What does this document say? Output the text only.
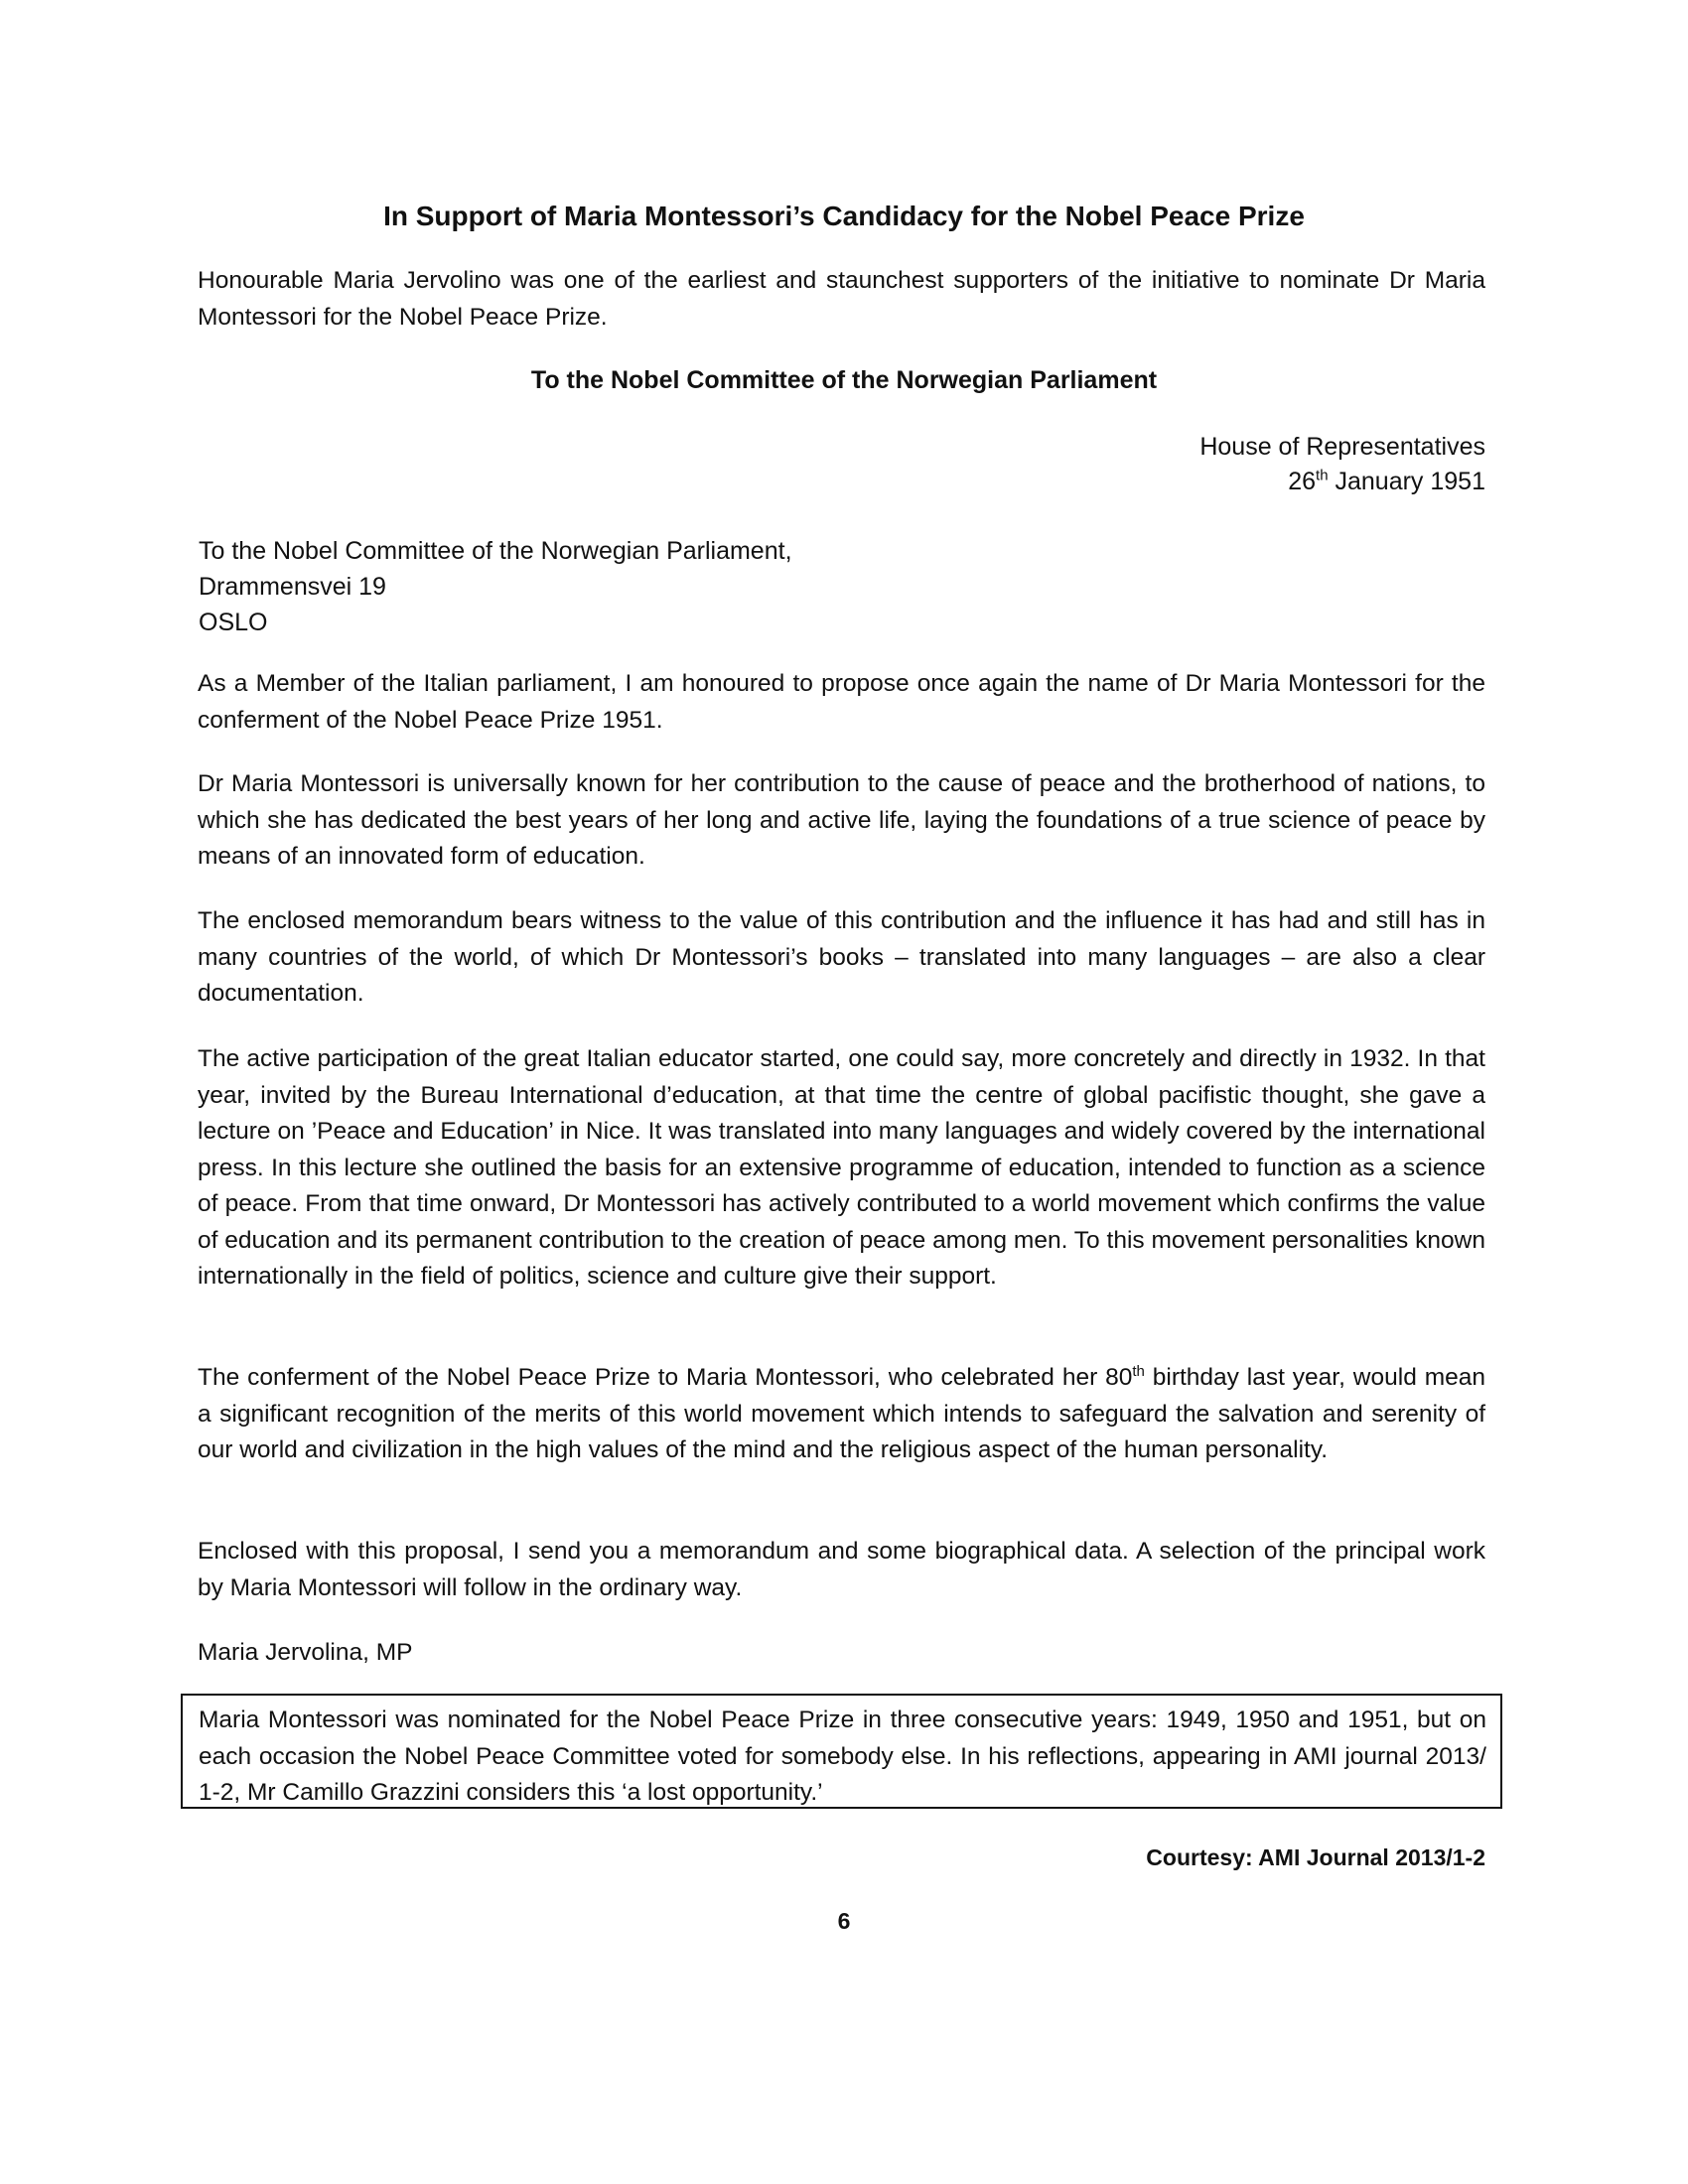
In Support of Maria Montessori’s Candidacy for the Nobel Peace Prize

Honourable Maria Jervolino was one of the earliest and staunchest supporters of the initiative to nominate Dr Maria Montessori for the Nobel Peace Prize.

To the Nobel Committee of the Norwegian Parliament
House of Representatives
26th January 1951
To the Nobel Committee of the Norwegian Parliament,
Drammensvei 19
OSLO

As a Member of the Italian parliament, I am honoured to propose once again the name of Dr Maria Montessori for the conferment of the Nobel Peace Prize 1951.

Dr Maria Montessori is universally known for her contribution to the cause of peace and the brotherhood of nations, to which she has dedicated the best years of her long and active life, laying the foundations of a true science of peace by means of an innovated form of education.

The enclosed memorandum bears witness to the value of this contribution and the influence it has had and still has in many countries of the world, of which Dr Montessori’s books – translated into many languages – are also a clear documentation.

The active participation of the great Italian educator started, one could say, more concretely and directly in 1932. In that year, invited by the Bureau International d’education, at that time the centre of global pacifistic thought, she gave a lecture on ’Peace and Education’ in Nice. It was translated into many languages and widely covered by the international press. In this lecture she outlined the basis for an extensive programme of education, intended to function as a science of peace. From that time onward, Dr Montessori has actively contributed to a world movement which confirms the value of education and its permanent contribution to the creation of peace among men. To this movement personalities known internationally in the field of politics, science and culture give their support.

The conferment of the Nobel Peace Prize to Maria Montessori, who celebrated her 80th birthday last year, would mean a significant recognition of the merits of this world movement which intends to safeguard the salvation and serenity of our world and civilization in the high values of the mind and the religious aspect of the human personality.

Enclosed with this proposal, I send you a memorandum and some biographical data. A selection of the principal work by Maria Montessori will follow in the ordinary way.

Maria Jervolina, MP

Maria Montessori was nominated for the Nobel Peace Prize in three consecutive years: 1949, 1950 and 1951, but on each occasion the Nobel Peace Committee voted for somebody else. In his reflections, appearing in AMI journal 2013/ 1-2, Mr Camillo Grazzini considers this ‘a lost opportunity.’

Courtesy: AMI Journal 2013/1-2
6
